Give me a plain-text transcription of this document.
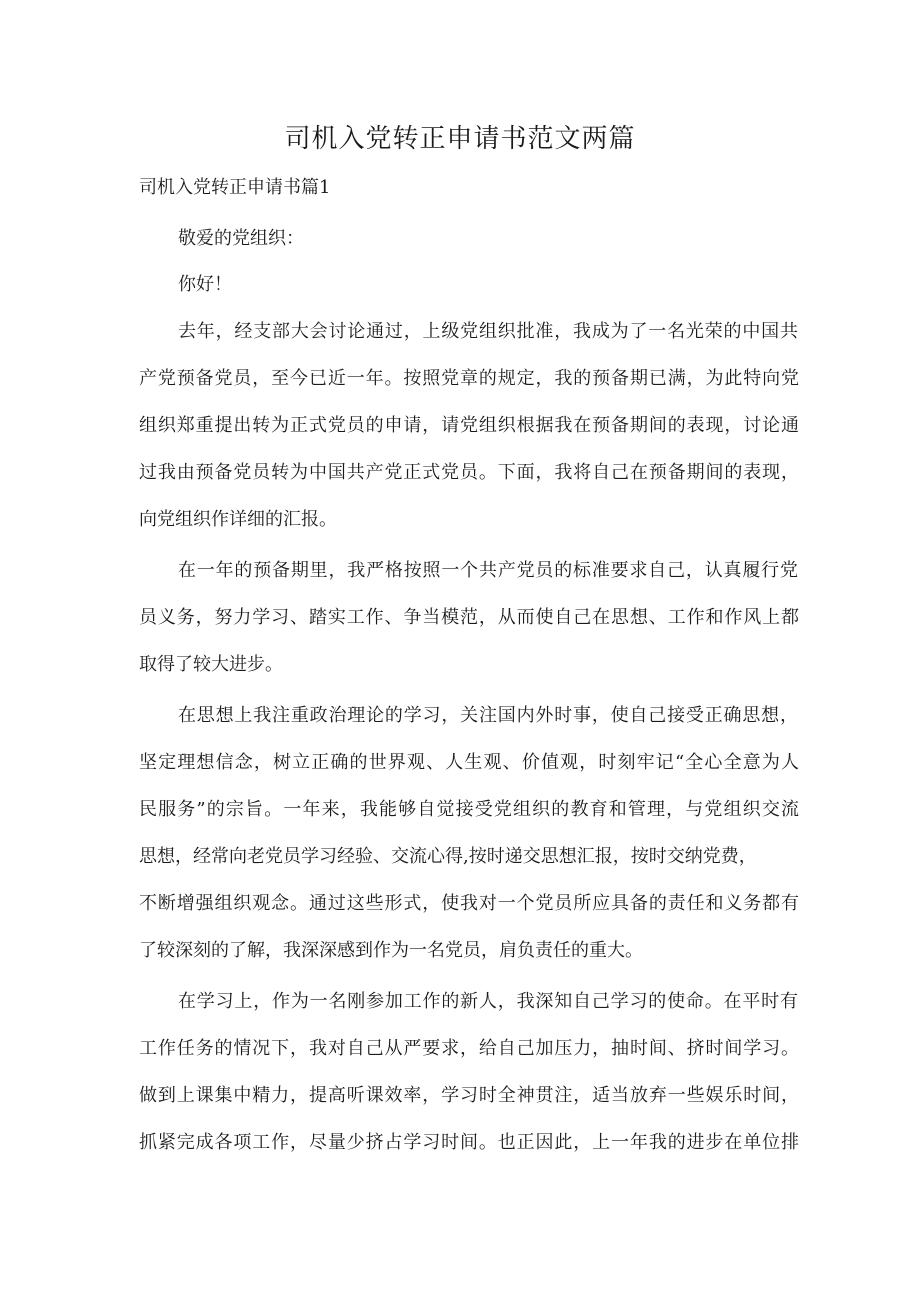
司机入党转正申请书范文两篇
司机入党转正申请书篇1

敬爱的党组织：

你好！

去年，经支部大会讨论通过，上级党组织批准，我成为了一名光荣的中国共

产党预备党员，至今已近一年。按照党章的规定，我的预备期已满，为此特向党

组织郑重提出转为正式党员的申请，请党组织根据我在预备期间的表现，讨论通

过我由预备党员转为中国共产党正式党员。下面，我将自己在预备期间的表现，

向党组织作详细的汇报。

在一年的预备期里，我严格按照一个共产党员的标准要求自己，认真履行党

员义务，努力学习、踏实工作、争当模范，从而使自己在思想、工作和作风上都

取得了较大进步。

在思想上我注重政治理论的学习，关注国内外时事，使自己接受正确思想，

坚定理想信念，树立正确的世界观、人生观、价值观，时刻牢记“全心全意为人

民服务”的宗旨。一年来，我能够自觉接受党组织的教育和管理，与党组织交流

思想，经常向老党员学习经验、交流心得,按时递交思想汇报，按时交纳党费，

不断增强组织观念。通过这些形式，使我对一个党员所应具备的责任和义务都有

了较深刻的了解，我深深感到作为一名党员，肩负责任的重大。

在学习上，作为一名刚参加工作的新人，我深知自己学习的使命。在平时有

工作任务的情况下，我对自己从严要求，给自己加压力，抽时间、挤时间学习。

做到上课集中精力，提高听课效率，学习时全神贯注，适当放弃一些娱乐时间，

抓紧完成各项工作，尽量少挤占学习时间。也正因此，上一年我的进步在单位排
